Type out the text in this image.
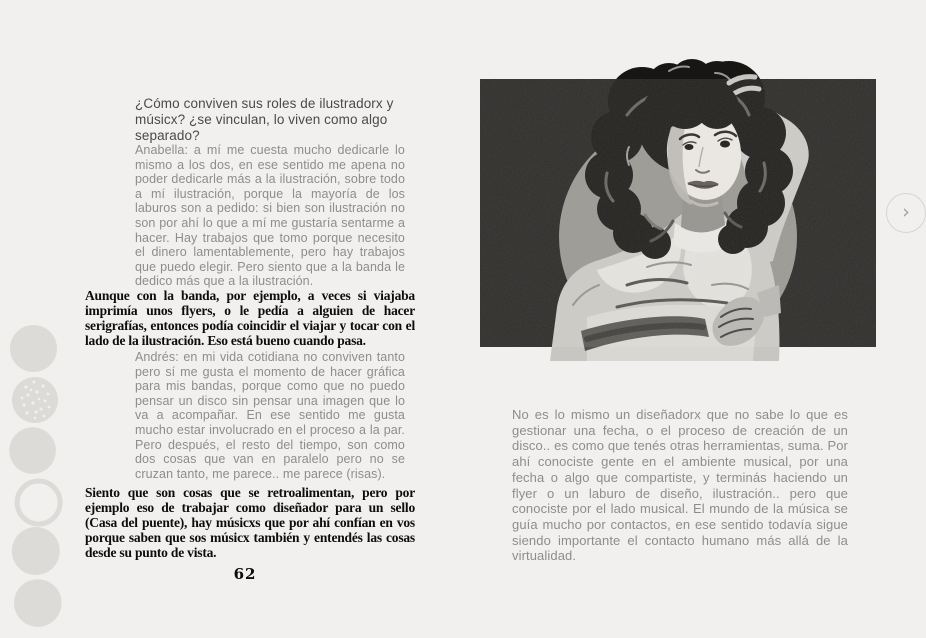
¿Cómo conviven sus roles de ilustradorx y músicx? ¿se vinculan, lo viven como algo separado?

Anabella: a mí me cuesta mucho dedicarle lo mismo a los dos, en ese sentido me apena no poder dedicarle más a la ilustración, sobre todo a mí ilustración, porque la mayoría de los laburos son a pedido: si bien son ilustración no son por ahí lo que a mí me gustaría sentarme a hacer. Hay trabajos que tomo porque necesito el dinero lamentablemente, pero hay trabajos que puedo elegir. Pero siento que a la banda le dedico más que a la ilustración.

Aunque con la banda, por ejemplo, a veces si viajaba imprimía unos flyers, o le pedía a alguien de hacer serigrafías, entonces podía coincidir el viajar y tocar con el lado de la ilustración. Eso está bueno cuando pasa.

Andrés: en mi vida cotidiana no conviven tanto pero sí me gusta el momento de hacer gráfica para mis bandas, porque como que no puedo pensar un disco sin pensar una imagen que lo va a acompañar. En ese sentido me gusta mucho estar involucrado en el proceso a la par. Pero después, el resto del tiempo, son como dos cosas que van en paralelo pero no se cruzan tanto, me parece.. me parece (risas).

Siento que son cosas que se retroalimentan, pero por ejemplo eso de trabajar como diseñador para un sello (Casa del puente), hay músicxs que por ahí confían en vos porque saben que sos músicx también y entendés las cosas desde su punto de vista.

62

No es lo mismo un diseñadorx que no sabe lo que es gestionar una fecha, o el proceso de creación de un disco.. es como que tenés otras herramientas, suma. Por ahí conociste gente en el ambiente musical, por una fecha o algo que compartiste, y terminás haciendo un flyer o un laburo de diseño, ilustración.. pero que conociste por el lado musical. El mundo de la música se guía mucho por contactos, en ese sentido todavía sigue siendo importante el contacto humano más allá de la virtualidad.

›
